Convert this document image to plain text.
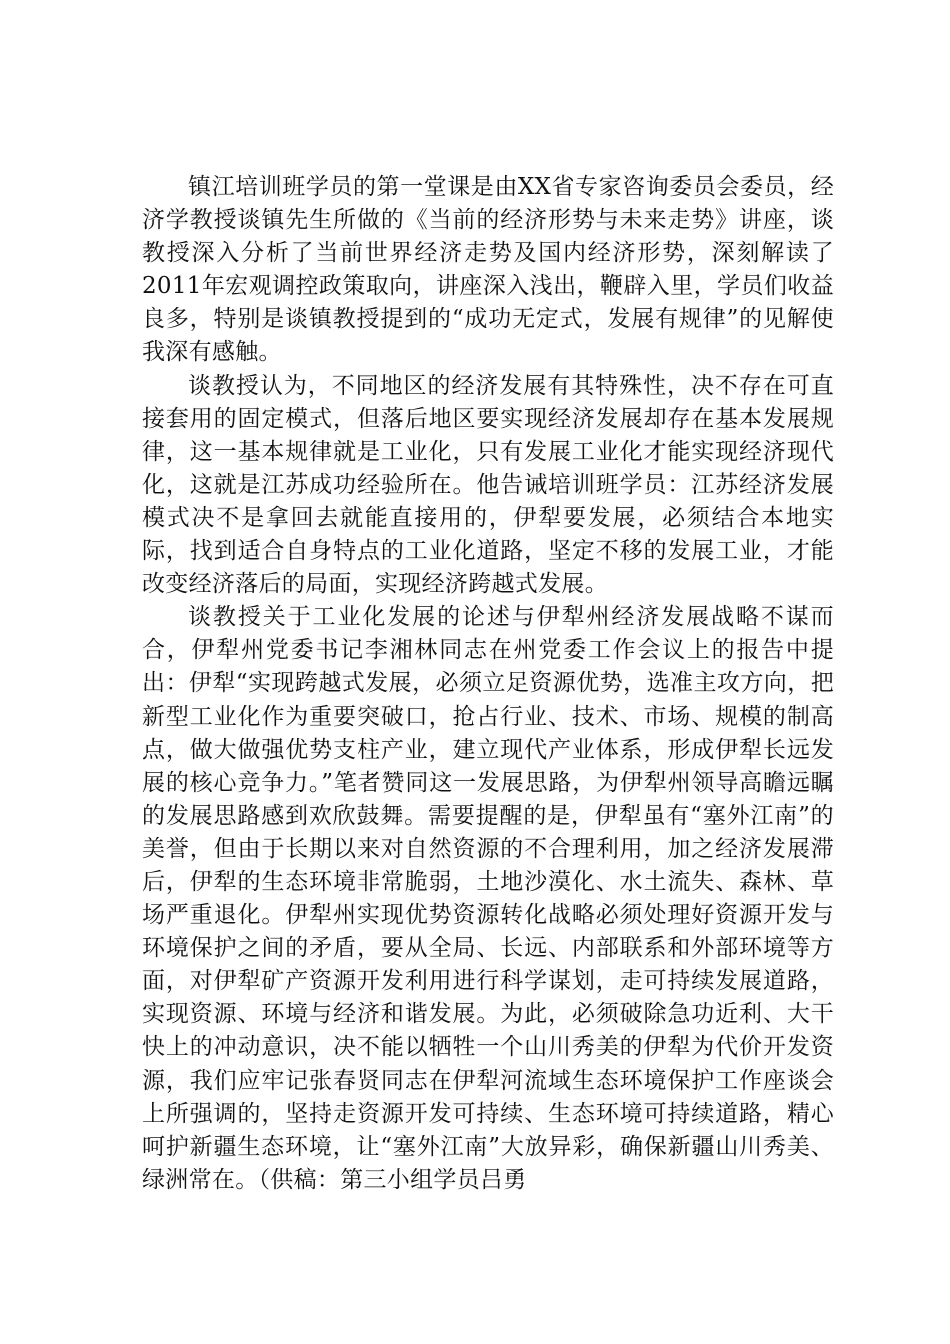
镇江培训班学员的第一堂课是由XX省专家咨询委员会委员，经济学教授谈镇先生所做的《当前的经济形势与未来走势》讲座，谈教授深入分析了当前世界经济走势及国内经济形势，深刻解读了2011年宏观调控政策取向，讲座深入浅出，鞭辟入里，学员们收益良多，特别是谈镇教授提到的“成功无定式，发展有规律”的见解使我深有感触。

谈教授认为，不同地区的经济发展有其特殊性，决不存在可直接套用的固定模式，但落后地区要实现经济发展却存在基本发展规律，这一基本规律就是工业化，只有发展工业化才能实现经济现代化，这就是江苏成功经验所在。他告诫培训班学员：江苏经济发展模式决不是拿回去就能直接用的，伊犁要发展，必须结合本地实际，找到适合自身特点的工业化道路，坚定不移的发展工业，才能改变经济落后的局面，实现经济跨越式发展。

谈教授关于工业化发展的论述与伊犁州经济发展战略不谋而合，伊犁州党委书记李湘林同志在州党委工作会议上的报告中提出：伊犁“实现跨越式发展，必须立足资源优势，选准主攻方向，把新型工业化作为重要突破口，抢占行业、技术、市场、规模的制高点，做大做强优势支柱产业，建立现代产业体系，形成伊犁长远发展的核心竞争力。”笔者赞同这一发展思路，为伊犁州领导高瞻远瞩的发展思路感到欢欣鼓舞。需要提醒的是，伊犁虽有“塞外江南”的美誉，但由于长期以来对自然资源的不合理利用，加之经济发展滞后，伊犁的生态环境非常脆弱，土地沙漠化、水土流失、森林、草场严重退化。伊犁州实现优势资源转化战略必须处理好资源开发与环境保护之间的矛盾，要从全局、长远、内部联系和外部环境等方面，对伊犁矿产资源开发利用进行科学谋划，走可持续发展道路，实现资源、环境与经济和谐发展。为此，必须破除急功近利、大干快上的冲动意识，决不能以牺牲一个山川秀美的伊犁为代价开发资源，我们应牢记张春贤同志在伊犁河流域生态环境保护工作座谈会上所强调的，坚持走资源开发可持续、生态环境可持续道路，精心呵护新疆生态环境，让“塞外江南”大放异彩，确保新疆山川秀美、绿洲常在。（供稿：第三小组学员吕勇
